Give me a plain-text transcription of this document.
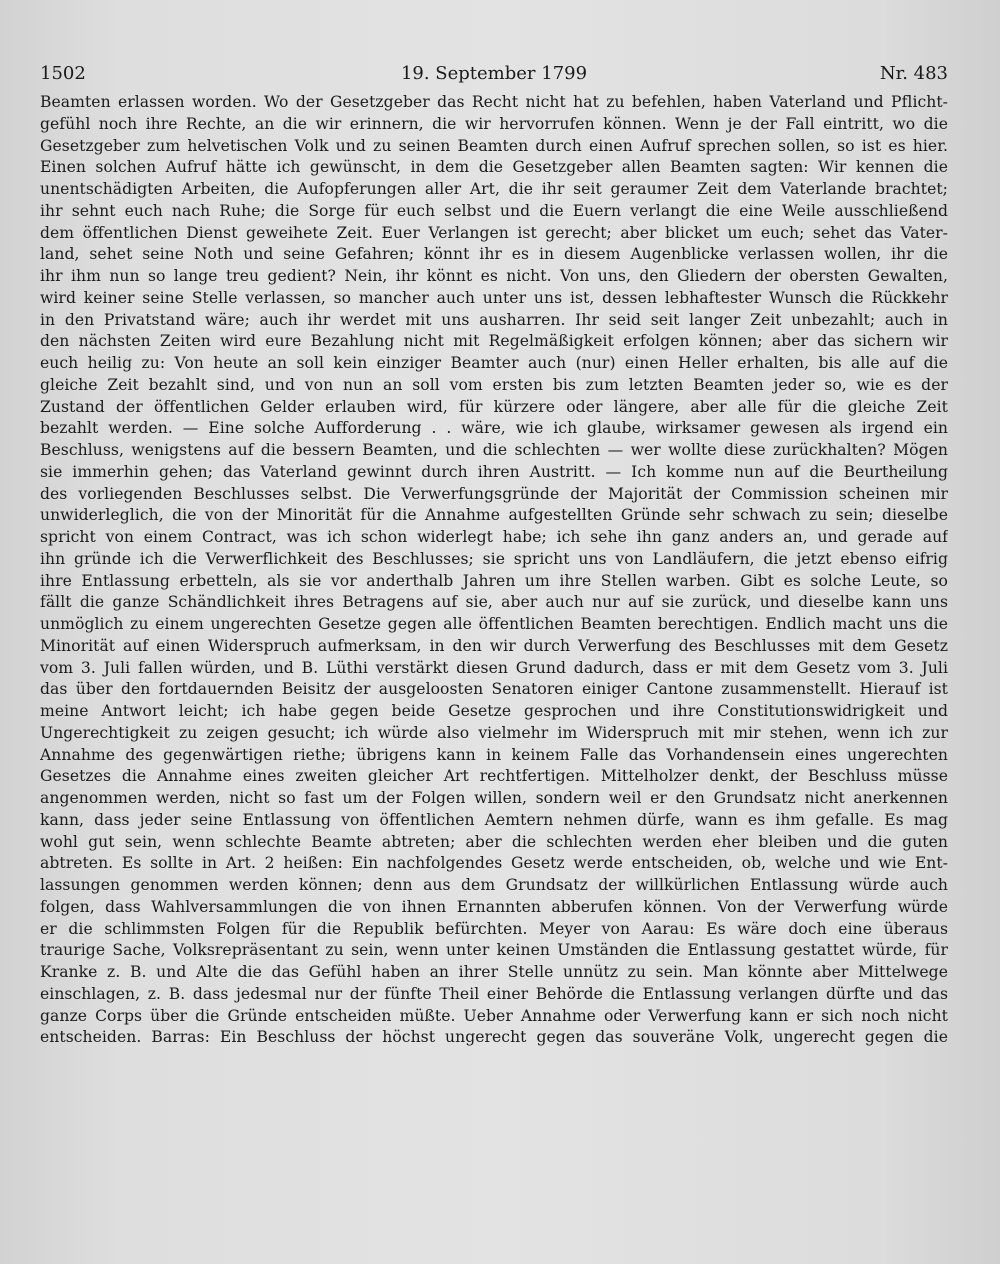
1502	19. September 1799	Nr. 483
Beamten erlassen worden. Wo der Gesetzgeber das Recht nicht hat zu befehlen, haben Vaterland und Pflicht-
gefühl noch ihre Rechte, an die wir erinnern, die wir hervorrufen können. Wenn je der Fall eintritt, wo die
Gesetzgeber zum helvetischen Volk und zu seinen Beamten durch einen Aufruf sprechen sollen, so ist es hier.
Einen solchen Aufruf hätte ich gewünscht, in dem die Gesetzgeber allen Beamten sagten: Wir kennen die
unentschädigten Arbeiten, die Aufopferungen aller Art, die ihr seit geraumer Zeit dem Vaterlande brachtet;
ihr sehnt euch nach Ruhe; die Sorge für euch selbst und die Euern verlangt die eine Weile ausschließend
dem öffentlichen Dienst geweihete Zeit. Euer Verlangen ist gerecht; aber blicket um euch; sehet das Vater-
land, sehet seine Noth und seine Gefahren; könnt ihr es in diesem Augenblicke verlassen wollen, ihr die
ihr ihm nun so lange treu gedient? Nein, ihr könnt es nicht. Von uns, den Gliedern der obersten Gewalten,
wird keiner seine Stelle verlassen, so mancher auch unter uns ist, dessen lebhaftester Wunsch die Rückkehr
in den Privatstand wäre; auch ihr werdet mit uns ausharren. Ihr seid seit langer Zeit unbezahlt; auch in
den nächsten Zeiten wird eure Bezahlung nicht mit Regelmäßigkeit erfolgen können; aber das sichern wir
euch heilig zu: Von heute an soll kein einziger Beamter auch (nur) einen Heller erhalten, bis alle auf die
gleiche Zeit bezahlt sind, und von nun an soll vom ersten bis zum letzten Beamten jeder so, wie es der
Zustand der öffentlichen Gelder erlauben wird, für kürzere oder längere, aber alle für die gleiche Zeit
bezahlt werden. — Eine solche Aufforderung . . wäre, wie ich glaube, wirksamer gewesen als irgend ein
Beschluss, wenigstens auf die bessern Beamten, und die schlechten — wer wollte diese zurückhalten? Mögen
sie immerhin gehen; das Vaterland gewinnt durch ihren Austritt. — Ich komme nun auf die Beurtheilung
des vorliegenden Beschlusses selbst. Die Verwerfungsgründe der Majorität der Commission scheinen mir
unwiderleglich, die von der Minorität für die Annahme aufgestellten Gründe sehr schwach zu sein; dieselbe
spricht von einem Contract, was ich schon widerlegt habe; ich sehe ihn ganz anders an, und gerade auf
ihn gründe ich die Verwerflichkeit des Beschlusses; sie spricht uns von Landläufern, die jetzt ebenso eifrig
ihre Entlassung erbetteln, als sie vor anderthalb Jahren um ihre Stellen warben. Gibt es solche Leute, so
fällt die ganze Schändlichkeit ihres Betragens auf sie, aber auch nur auf sie zurück, und dieselbe kann uns
unmöglich zu einem ungerechten Gesetze gegen alle öffentlichen Beamten berechtigen. Endlich macht uns die
Minorität auf einen Widerspruch aufmerksam, in den wir durch Verwerfung des Beschlusses mit dem Gesetz
vom 3. Juli fallen würden, und B. Lüthi verstärkt diesen Grund dadurch, dass er mit dem Gesetz vom 3. Juli
das über den fortdauernden Beisitz der ausgeloosten Senatoren einiger Cantone zusammenstellt. Hierauf ist
meine Antwort leicht; ich habe gegen beide Gesetze gesprochen und ihre Constitutionswidrigkeit und
Ungerechtigkeit zu zeigen gesucht; ich würde also vielmehr im Widerspruch mit mir stehen, wenn ich zur
Annahme des gegenwärtigen riethe; übrigens kann in keinem Falle das Vorhandensein eines ungerechten
Gesetzes die Annahme eines zweiten gleicher Art rechtfertigen. Mittelholzer denkt, der Beschluss müsse
angenommen werden, nicht so fast um der Folgen willen, sondern weil er den Grundsatz nicht anerkennen
kann, dass jeder seine Entlassung von öffentlichen Aemtern nehmen dürfe, wann es ihm gefalle. Es mag
wohl gut sein, wenn schlechte Beamte abtreten; aber die schlechten werden eher bleiben und die guten
abtreten. Es sollte in Art. 2 heißen: Ein nachfolgendes Gesetz werde entscheiden, ob, welche und wie Ent-
lassungen genommen werden können; denn aus dem Grundsatz der willkürlichen Entlassung würde auch
folgen, dass Wahlversammlungen die von ihnen Ernannten abberufen können. Von der Verwerfung würde
er die schlimmsten Folgen für die Republik befürchten. Meyer von Aarau: Es wäre doch eine überaus
traurige Sache, Volksrepräsentant zu sein, wenn unter keinen Umständen die Entlassung gestattet würde, für
Kranke z. B. und Alte die das Gefühl haben an ihrer Stelle unnütz zu sein. Man könnte aber Mittelwege
einschlagen, z. B. dass jedesmal nur der fünfte Theil einer Behörde die Entlassung verlangen dürfte und das
ganze Corps über die Gründe entscheiden müßte. Ueber Annahme oder Verwerfung kann er sich noch nicht
entscheiden. Barras: Ein Beschluss der höchst ungerecht gegen das souveräne Volk, ungerecht gegen die
